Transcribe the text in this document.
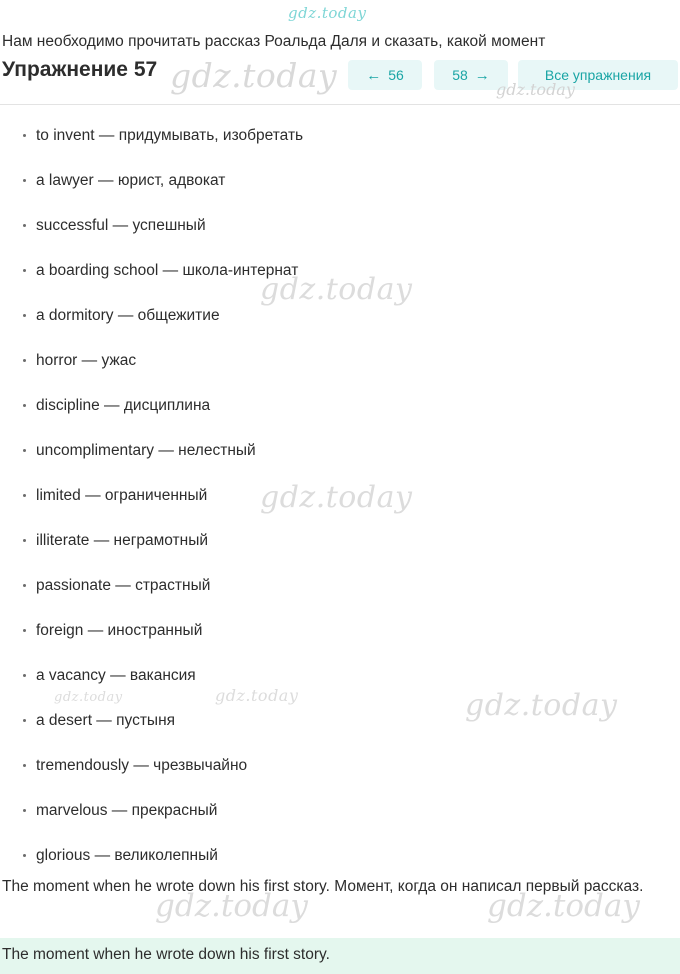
gdz.today
Нам необходимо прочитать рассказ Роальда Даля и сказать, какой момент
Упражнение 57	← 56	58 →	Все упражнения
gdz.today	gdz.today
to invent — придумывать, изобретать
a lawyer — юрист, адвокат
successful — успешный
a boarding school — школа-интернат
a dormitory — общежитие
horror — ужас
discipline — дисциплина
uncomplimentary — нелестный
limited — ограниченный
illiterate — неграмотный
passionate — страстный
foreign — иностранный
a vacancy — вакансия
a desert — пустыня
tremendously — чрезвычайно
marvelous — прекрасный
glorious — великолепный
gdz.today
gdz.today
gdz.today
gdz.today
gdz.today
The moment when he wrote down his first story. Момент, когда он написал первый рассказ.
gdz.today	gdz.today
The moment when he wrote down his first story.
